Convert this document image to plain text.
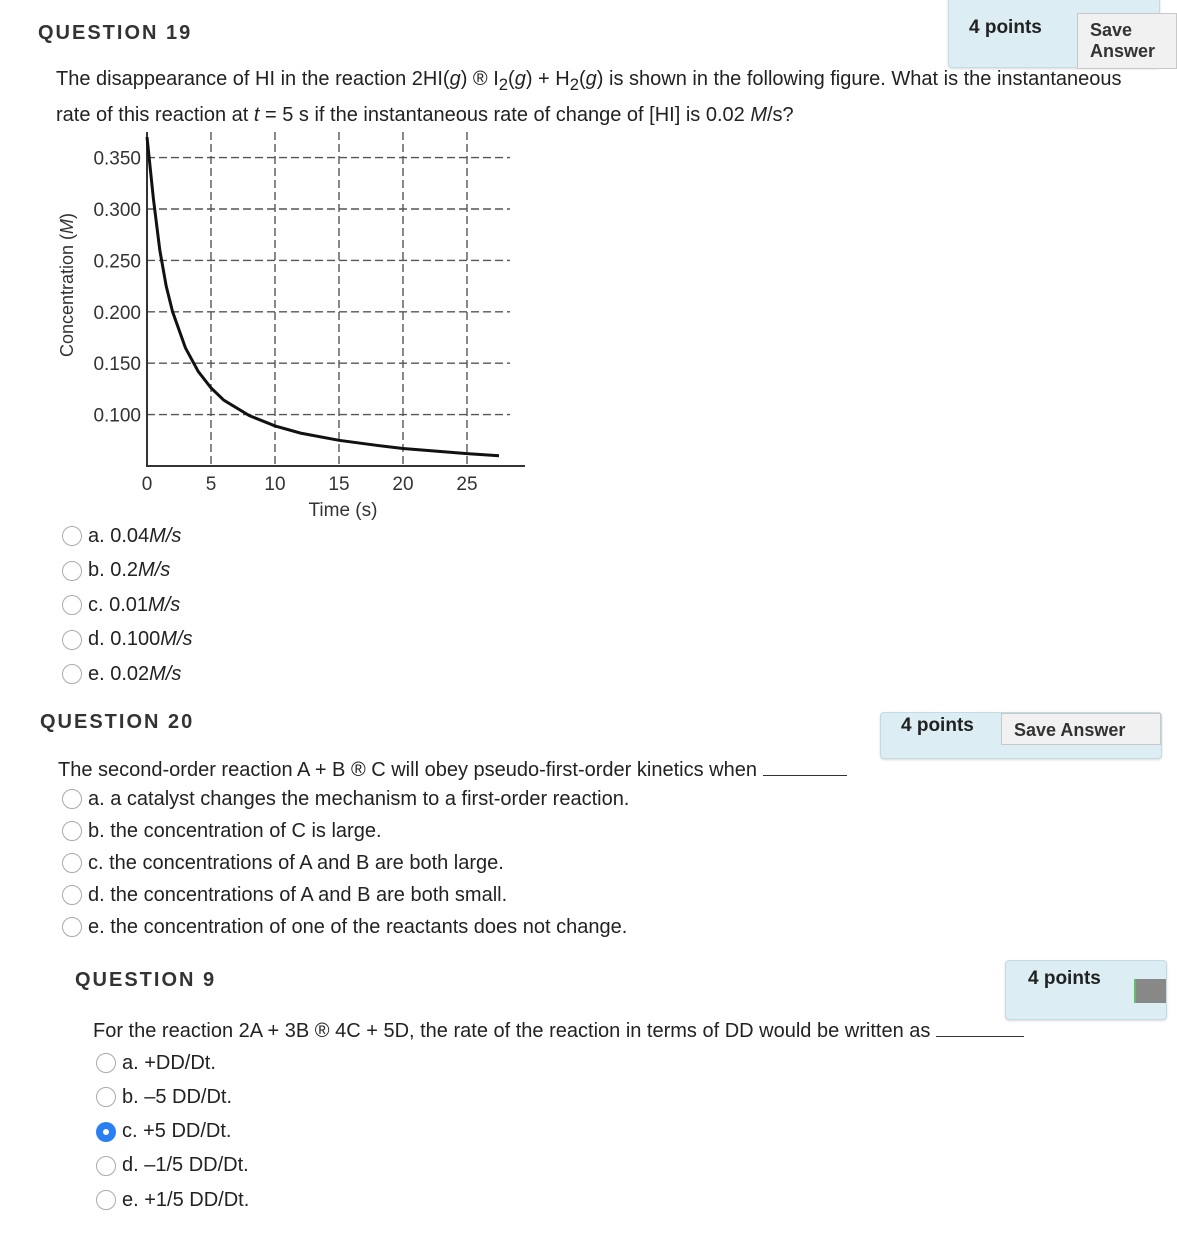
QUESTION 19	4 points	Save Answer
The disappearance of HI in the reaction 2HI(g) ® $I_2(g) + H_2(g)$ is shown in the following figure. What is the instantaneous rate of this reaction at t = 5 s if the instantaneous rate of change of [HI] is 0.02 M/s?
0.350
0.300
0.250
0.200
0.150
0.100
0	5	10 15 20 25
Time (s)
Concentration (M)
a. 0.04 M/s
b. 0.2 M/s
c. 0.01 M/s
d. 0.100 M/s
e. 0.02 M/s
QUESTION 20	4 points	Save Answer
The second-order reaction A + B ® C will obey pseudo-first-order kinetics when
a. a catalyst changes the mechanism to a first-order reaction.
b. the concentration of C is large.
c. the concentrations of A and B are both large.
d. the concentrations of A and B are both small.
e. the concentration of one of the reactants does not change.
QUESTION 9	4 points
For the reaction 2A + 3B ® 4C + 5D, the rate of the reaction in terms of DD would be written as
a. +DD/Dt.
b. –5 DD/Dt.
c. +5 DD/Dt.
d. –1/5 DD/Dt.
e. +1/5 DD/Dt.
